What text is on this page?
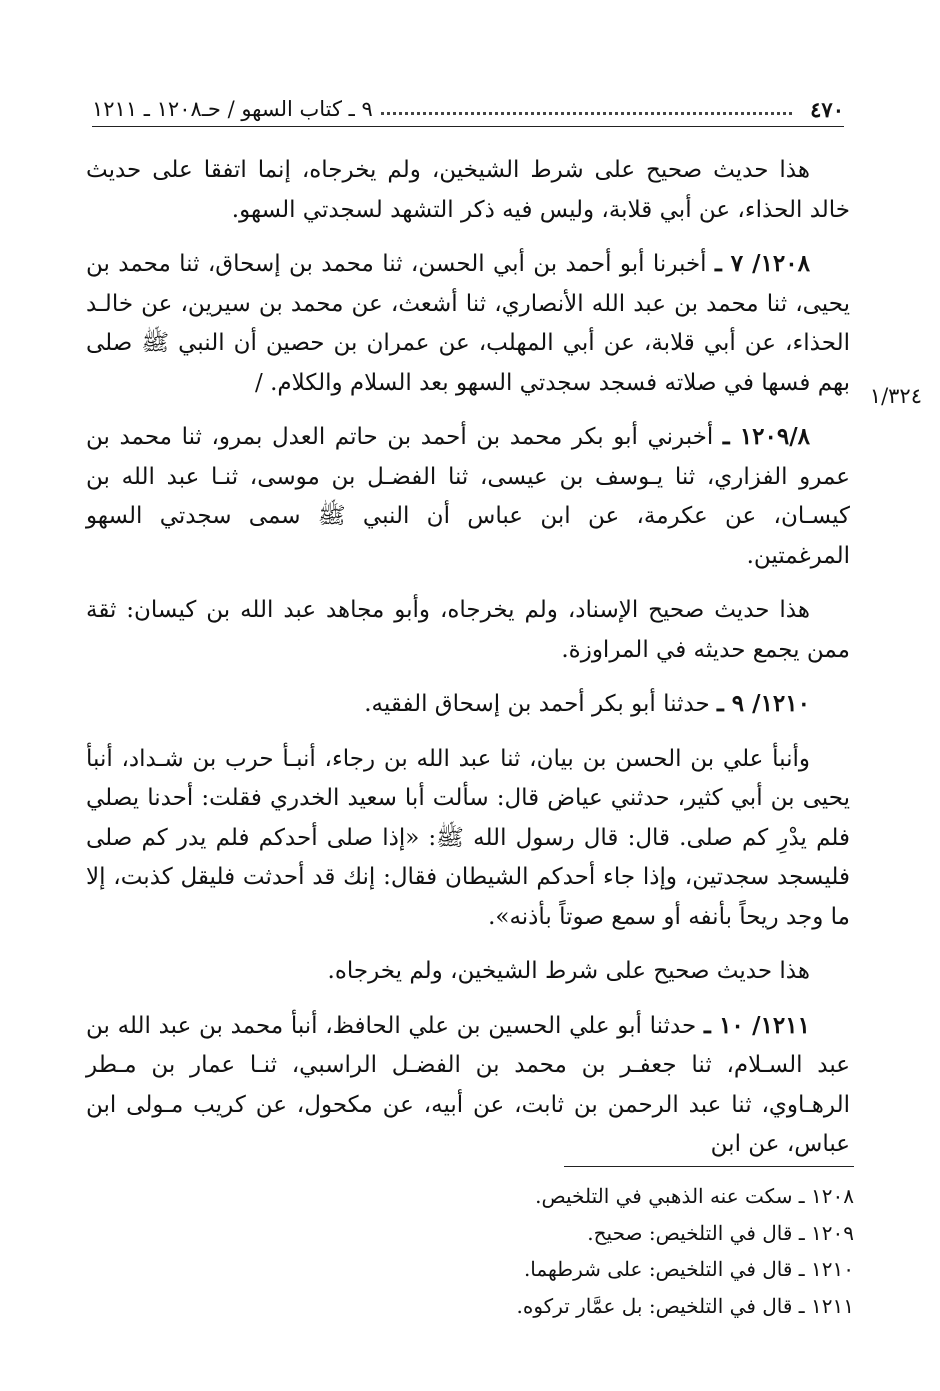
٤٧٠
٩ ـ كتاب السهو / حـ١٢٠٨ ـ ١٢١١

هذا حديث صحيح على شرط الشيخين، ولم يخرجاه، إنما اتفقا على حديث خالد الحذاء، عن أبي قلابة، وليس فيه ذكر التشهد لسجدتي السهو.

١٢٠٨/ ٧ ـ أخبرنا أبو أحمد بن أبي الحسن، ثنا محمد بن إسحاق، ثنا محمد بن يحيى، ثنا محمد بن عبد الله الأنصاري، ثنا أشعث، عن محمد بن سيرين، عن خالـد الحذاء، عن أبي قلابة، عن أبي المهلب، عن عمران بن حصين أن النبي ﷺ صلى بهم فسها في صلاته فسجد سجدتي السهو بعد السلام والكلام. /

١٢٠٩/٨ ـ أخبرني أبو بكر محمد بن أحمد بن حاتم العدل بمرو، ثنا محمد بن عمرو الفزاري، ثنا يـوسف بن عيسى، ثنا الفضـل بن موسى، ثنـا عبد الله بن كيسـان، عن عكرمة، عن ابن عباس أن النبي ﷺ سمى سجدتي السهو المرغمتين.

هذا حديث صحيح الإسناد، ولم يخرجاه، وأبو مجاهد عبد الله بن كيسان: ثقة ممن يجمع حديثه في المراوزة.

١٢١٠/ ٩ ـ حدثنا أبو بكر أحمد بن إسحاق الفقيه.

وأنبأ علي بن الحسن بن بيان، ثنا عبد الله بن رجاء، أنبـأ حرب بن شـداد، أنبأ يحيى بن أبي كثير، حدثني عياض قال: سألت أبا سعيد الخدري فقلت: أحدنا يصلي فلم يدْرِ كم صلى. قال: قال رسول الله ﷺ: «إذا صلى أحدكم فلم يدر كم صلى فليسجد سجدتين، وإذا جاء أحدكم الشيطان فقال: إنك قد أحدثت فليقل كذبت، إلا ما وجد ريحاً بأنفه أو سمع صوتاً بأذنه».

هذا حديث صحيح على شرط الشيخين، ولم يخرجاه.

١٢١١/ ١٠ ـ حدثنا أبو علي الحسين بن علي الحافظ، أنبأ محمد بن عبد الله بن عبد السـلام، ثنا جعفـر بن محمد بن الفضـل الراسبي، ثنـا عمار بن مـطر الرهـاوي، ثنا عبد الرحمن بن ثابت، عن أبيه، عن مكحول، عن كريب مـولى ابن عباس، عن ابن

١/٣٢٤
١٢٠٨ ـ سكت عنه الذهبي في التلخيص.
١٢٠٩ ـ قال في التلخيص: صحيح.
١٢١٠ ـ قال في التلخيص: على شرطهما.
١٢١١ ـ قال في التلخيص: بل عمَّار تركوه.
